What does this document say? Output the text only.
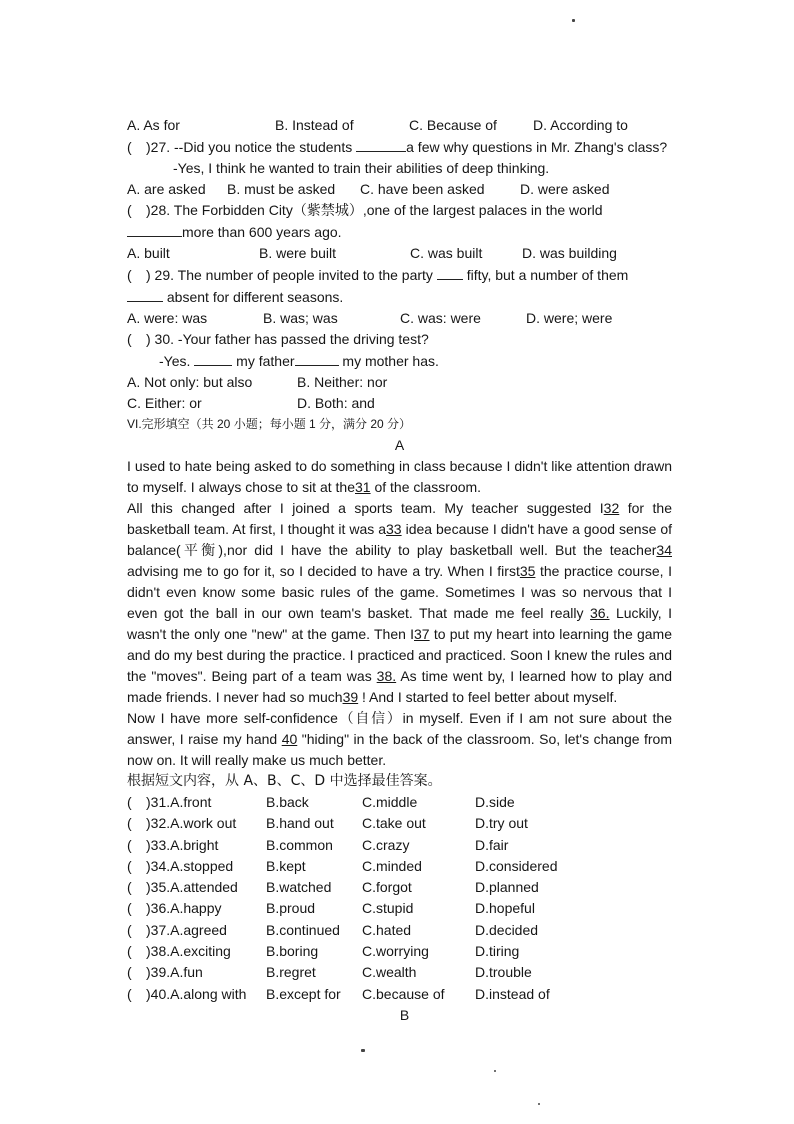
A. As for	B. Instead of	C. Because of	D. According to
( )27. --Did you notice the students	a few why questions in Mr. Zhang's class?
-Yes, I think he wanted to train their abilities of deep thinking.
A. are asked	B. must be asked	C. have been asked	D. were asked
( )28. The Forbidden City（紫禁城）,one of the largest palaces in the world
more than 600 years ago.
A. built	B. were built	C. was built	D. was building
( ) 29. The number of people invited to the party fifty, but a number of them
absent for different seasons.
A. were: was	B. was; was	C. was: were	D. were; were
( ) 30. -Your father has passed the driving test?
-Yes.	my father	my mother has.
A. Not only: but also	B. Neither: nor
C. Either: or	D. Both: and
VI.完形填空（共 20 小题；每小题 1 分，满分 20 分）
A
I used to hate being asked to do something in class because I didn't like attention drawn to myself. I always chose to sit at the31 of the classroom.
All this changed after I joined a sports team. My teacher suggested I32 for the basketball team. At first, I thought it was a33 idea because I didn't have a good sense of balance(平衡),nor did I have the ability to play basketball well. But the teacher34 advising me to go for it, so I decided to have a try. When I first35 the practice course, I didn't even know some basic rules of the game. Sometimes I was so nervous that I even got the ball in our own team's basket. That made me feel really 36. Luckily, I wasn't the only one "new" at the game. Then I37 to put my heart into learning the game and do my best during the practice. I practiced and practiced. Soon I knew the rules and the "moves". Being part of a team was 38. As time went by, I learned how to play and made friends. I never had so much39 ! And I started to feel better about myself.
Now I have more self-confidence（自信）in myself. Even if I am not sure about the answer, I raise my hand 40 "hiding" in the back of the classroom. So, let's change from now on. It will really make us much better.
根据短文内容，从 A、B、C、D 中选择最佳答案。
(	)31.A.front	B.back	C.middle	D.side
(	)32.A.work out	B.hand out	C.take out	D.try out
(	)33.A.bright	B.common	C.crazy	D.fair
(	)34.A.stopped	B.kept	C.minded	D.considered
(	)35.A.attended	B.watched	C.forgot	D.planned
(	)36.A.happy	B.proud	C.stupid	D.hopeful
(	)37.A.agreed	B.continued	C.hated	D.decided
(	)38.A.exciting	B.boring	C.worrying	D.tiring
(	)39.A.fun	B.regret	C.wealth	D.trouble
(	)40.A.along with	B.except for	C.because of	D.instead of
B
